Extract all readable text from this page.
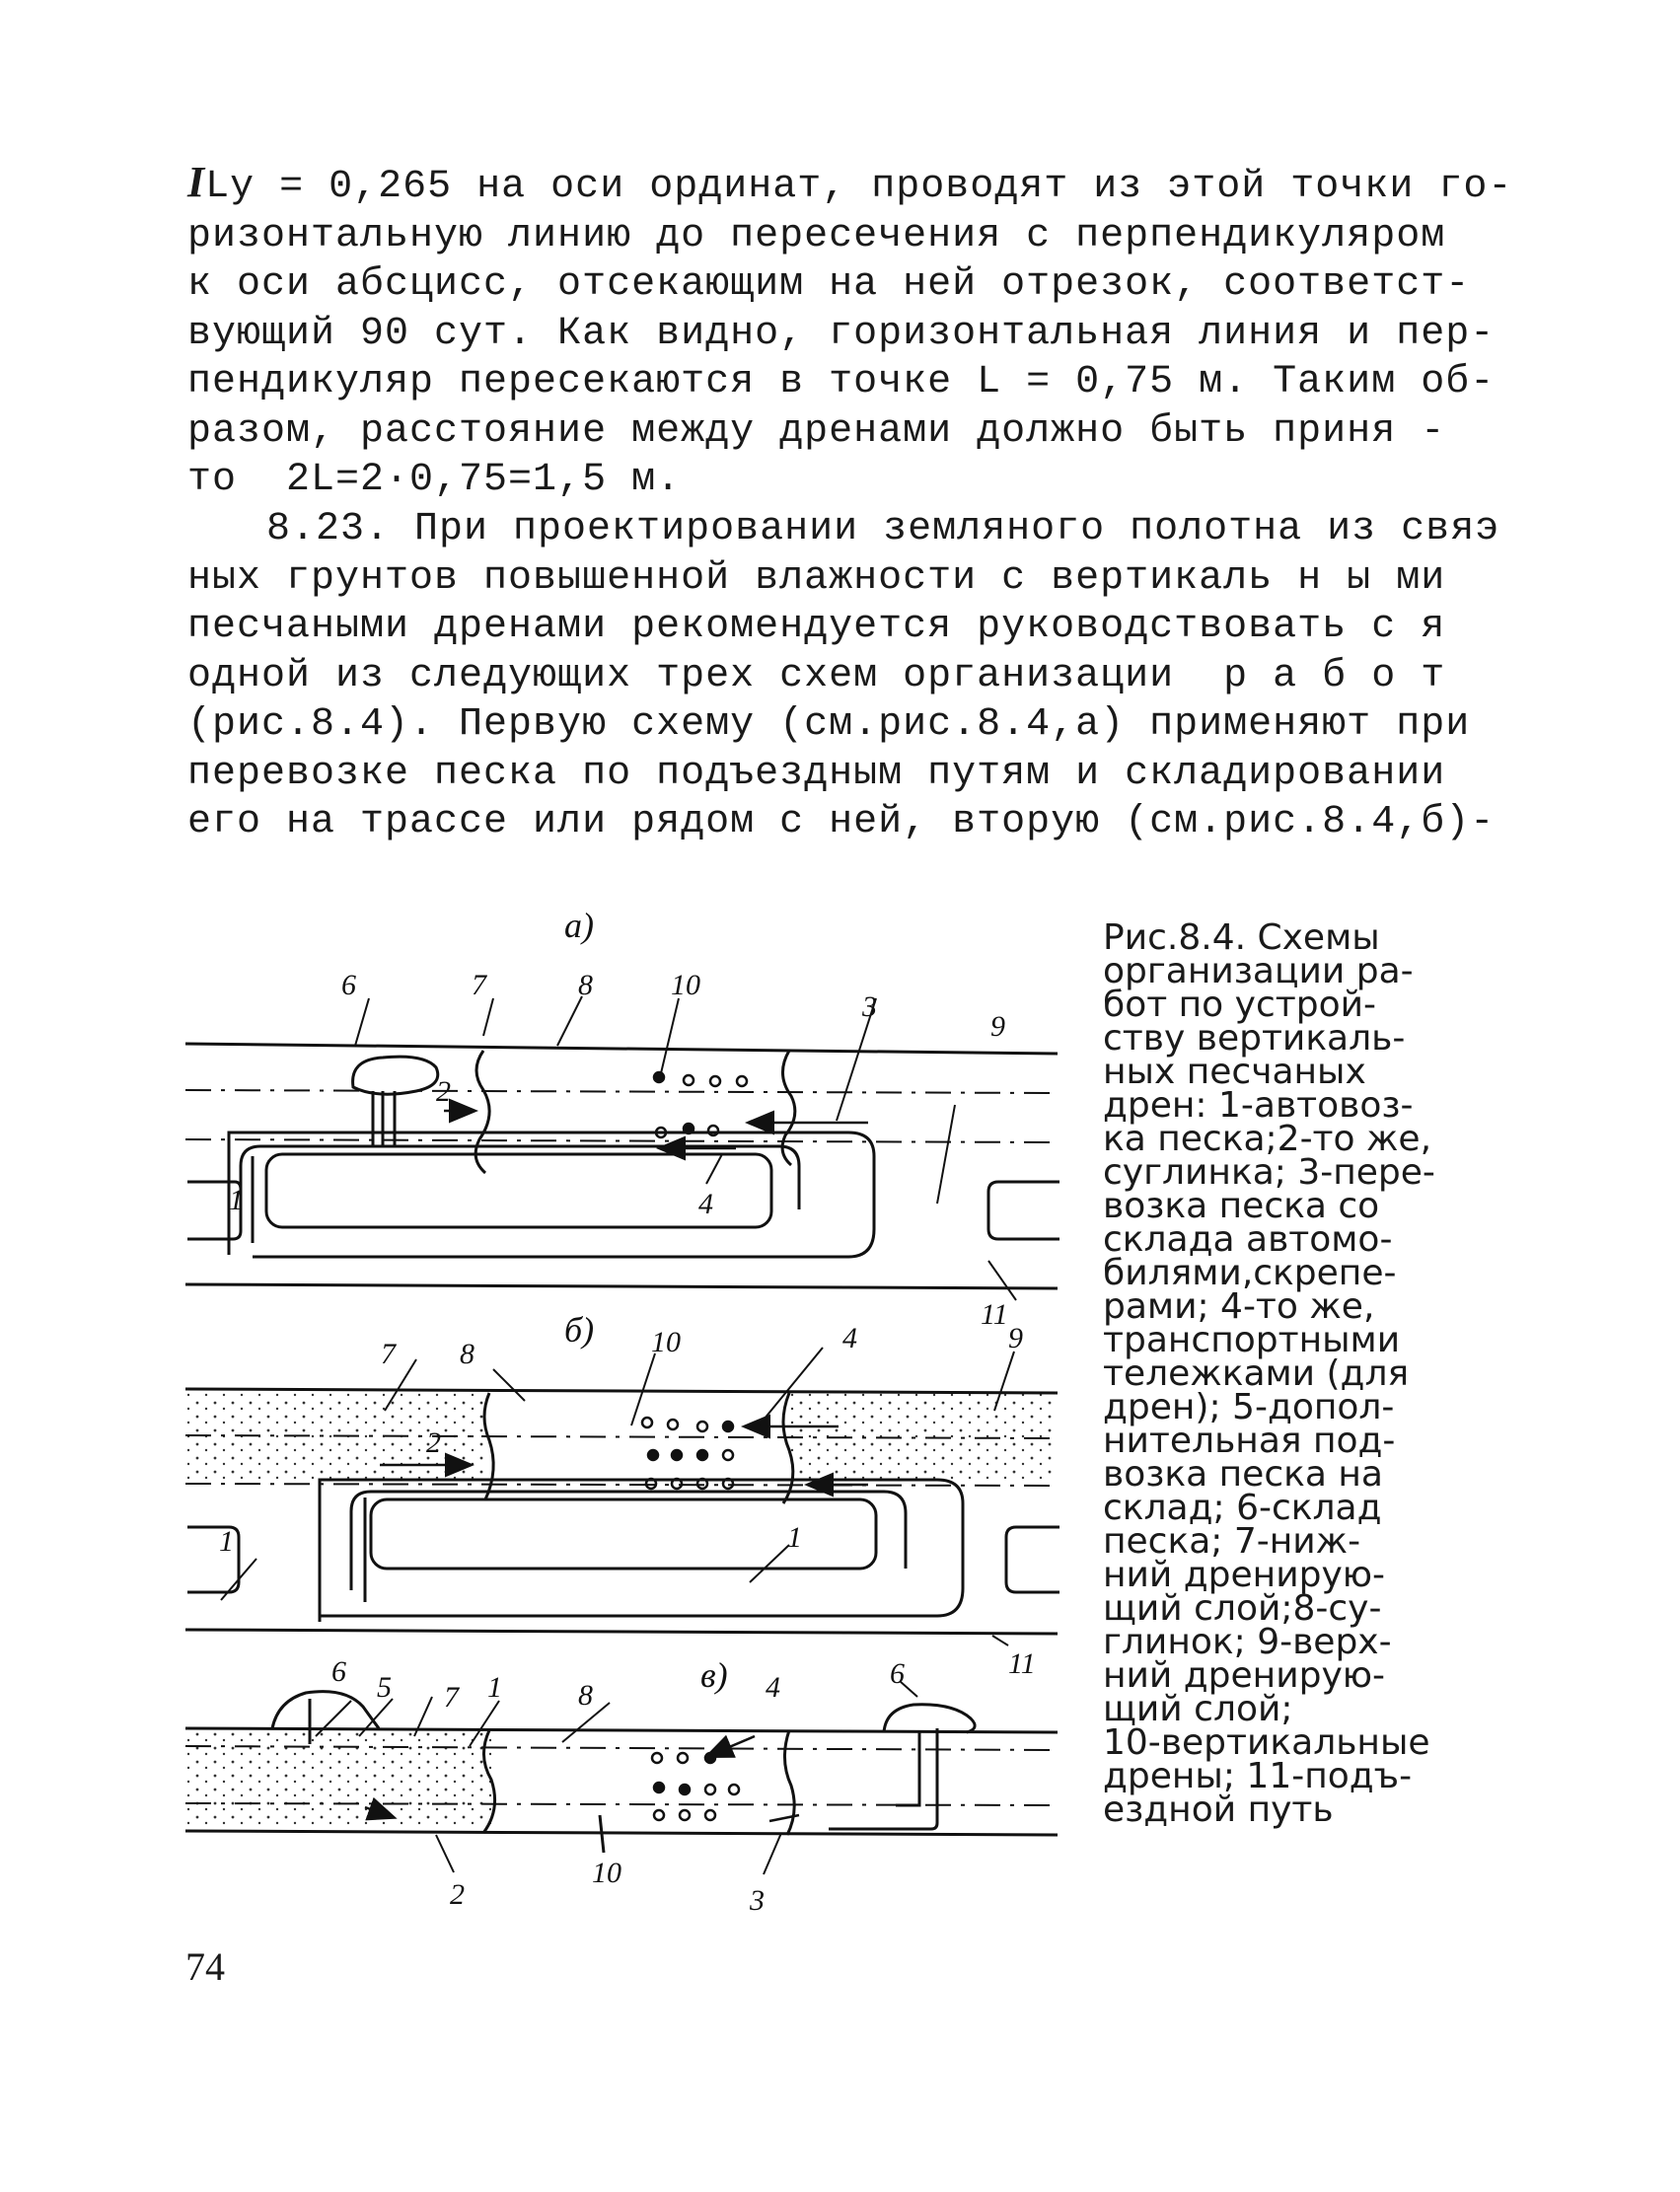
ILy = 0,265 на оси ординат, проводят из этой точки го-
ризонтальную линию до пересечения с перпендикуляром
к оси абсцисс, отсекающим на ней отрезок, соответст-
вующий 90 сут. Как видно, горизонтальная линия и пер-
пендикуляр пересекаются в точке L = 0,75 м. Таким об-
разом, расстояние между дренами должно быть приня -
то  2L=2·0,75=1,5 м.
8.23. При проектировании земляного полотна из свяэ
ных грунтов повышенной влажности с вертикаль н ы ми
песчаными дренами рекомендуется руководствовать с я
одной из следующих трех схем организации  р а б о т
(рис.8.4). Первую схему (см.рис.8.4,а) применяют при
перевозке песка по подъездным путям и складировании
его на трассе или рядом с ней, вторую (см.рис.8.4,б)-
а)
6	7	8	10
3
9
2
1	4
11
б)
7 8	10	4	9
2
1	1
11
в)
6 5 7 1	8	4	6
2
10
3
Рис.8.4. Схемы
организации ра-
бот по устрой-
ству вертикаль-
ных песчаных
дрен: 1-автовоз-
ка песка;2-то же,
суглинка; 3-пере-
возка песка со
склада автомо-
билями,скрепе-
рами; 4-то же,
транспортными
тележками (для
дрен); 5-допол-
нительная под-
возка песка на
склад; 6-склад
песка; 7-ниж-
ний дренирую-
щий слой;8-су-
глинок; 9-верх-
ний дренирую-
щий слой;
10-вертикальные
дрены; 11-подъ-
ездной путь

74
